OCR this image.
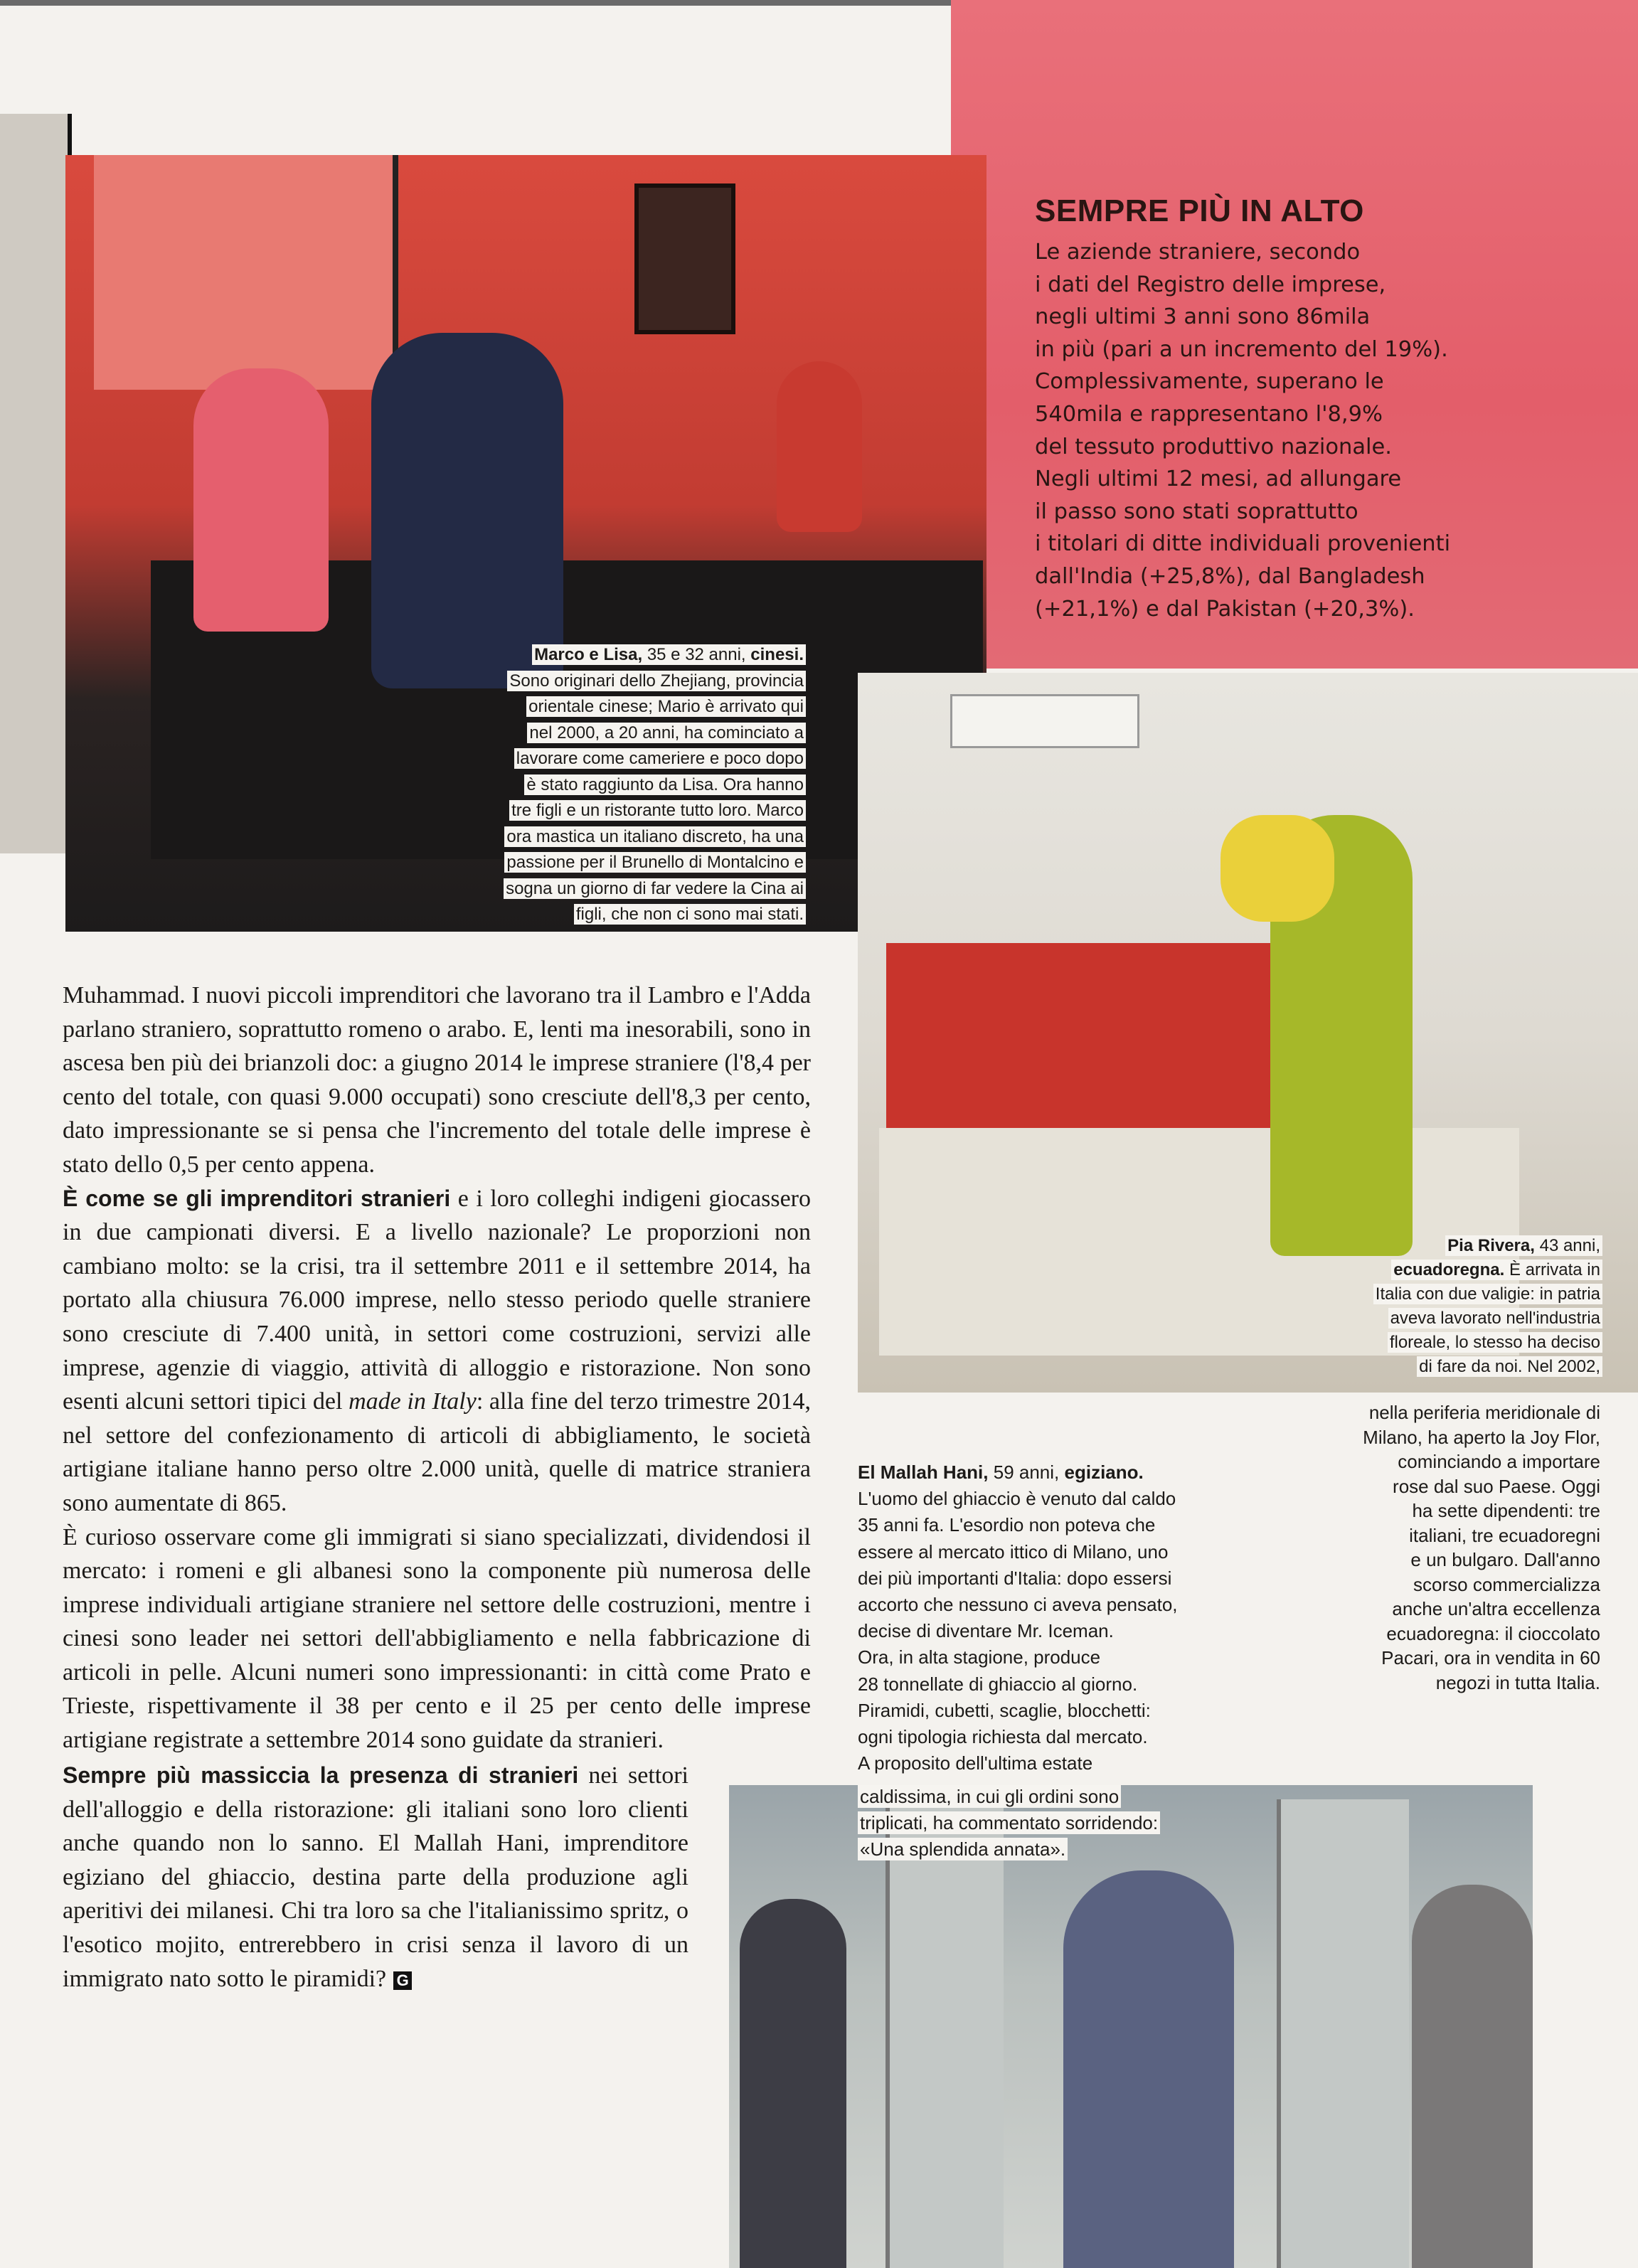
SEMPRE PIÙ IN ALTO
Le aziende straniere, secondo
i dati del Registro delle imprese,
negli ultimi 3 anni sono 86mila
in più (pari a un incremento del 19%).
Complessivamente, superano le
540mila e rappresentano l'8,9%
del tessuto produttivo nazionale.
Negli ultimi 12 mesi, ad allungare
il passo sono stati soprattutto
i titolari di ditte individuali provenienti
dall'India (+25,8%), dal Bangladesh
(+21,1%) e dal Pakistan (+20,3%).
Marco e Lisa, 35 e 32 anni, cinesi.
Sono originari dello Zhejiang, provincia
orientale cinese; Mario è arrivato qui
nel 2000, a 20 anni, ha cominciato a
lavorare come cameriere e poco dopo
è stato raggiunto da Lisa. Ora hanno
tre figli e un ristorante tutto loro. Marco
ora mastica un italiano discreto, ha una
passione per il Brunello di Montalcino e
sogna un giorno di far vedere la Cina ai
figli, che non ci sono mai stati.
Pia Rivera, 43 anni,
ecuadoregna. È arrivata in
Italia con due valigie: in patria
aveva lavorato nell'industria
floreale, lo stesso ha deciso
di fare da noi. Nel 2002,
nella periferia meridionale di
Milano, ha aperto la Joy Flor,
cominciando a importare
rose dal suo Paese. Oggi
ha sette dipendenti: tre
italiani, tre ecuadoregni
e un bulgaro. Dall'anno
scorso commercializza
anche un'altra eccellenza
ecuadoregna: il cioccolato
Pacari, ora in vendita in 60
negozi in tutta Italia.
El Mallah Hani, 59 anni, egiziano.
L'uomo del ghiaccio è venuto dal caldo
35 anni fa. L'esordio non poteva che
essere al mercato ittico di Milano, uno
dei più importanti d'Italia: dopo essersi
accorto che nessuno ci aveva pensato,
decise di diventare Mr. Iceman.
Ora, in alta stagione, produce
28 tonnellate di ghiaccio al giorno.
Piramidi, cubetti, scaglie, blocchetti:
ogni tipologia richiesta dal mercato.
A proposito dell'ultima estate
caldissima, in cui gli ordini sono
triplicati, ha commentato sorridendo:
«Una splendida annata».

Muhammad. I nuovi piccoli imprenditori che lavorano tra il Lambro e l'Adda parlano straniero, soprattutto romeno o arabo. E, lenti ma inesorabili, sono in ascesa ben più dei brianzoli doc: a giugno 2014 le imprese straniere (l'8,4 per cento del totale, con quasi 9.000 occupati) sono cresciute dell'8,3 per cento, dato impressionante se si pensa che l'incremento del totale delle imprese è stato dello 0,5 per cento appena.

È come se gli imprenditori stranieri e i loro colleghi indigeni giocassero in due campionati diversi. E a livello nazionale? Le proporzioni non cambiano molto: se la crisi, tra il settembre 2011 e il settembre 2014, ha portato alla chiusura 76.000 imprese, nello stesso periodo quelle straniere sono cresciute di 7.400 unità, in settori come costruzioni, servizi alle imprese, agenzie di viaggio, attività di alloggio e ristorazione. Non sono esenti alcuni settori tipici del made in Italy: alla fine del terzo trimestre 2014, nel settore del confezionamento di articoli di abbigliamento, le società artigiane italiane hanno perso oltre 2.000 unità, quelle di matrice straniera sono aumentate di 865.

È curioso osservare come gli immigrati si siano specializzati, dividendosi il mercato: i romeni e gli albanesi sono la componente più numerosa delle imprese individuali artigiane straniere nel settore delle costruzioni, mentre i cinesi sono leader nei settori dell'abbigliamento e nella fabbricazione di articoli in pelle. Alcuni numeri sono impressionanti: in città come Prato e Trieste, rispettivamente il 38 per cento e il 25 per cento delle imprese artigiane registrate a settembre 2014 sono guidate da stranieri.

Sempre più massiccia la presenza di stranieri nei settori dell'alloggio e della ristorazione: gli italiani sono loro clienti anche quando non lo sanno. El Mallah Hani, imprenditore egiziano del ghiaccio, destina parte della produzione agli aperitivi dei milanesi. Chi tra loro sa che l'italianissimo spritz, o l'esotico mojito, entrerebbero in crisi senza il lavoro di un immigrato nato sotto le piramidi? G
